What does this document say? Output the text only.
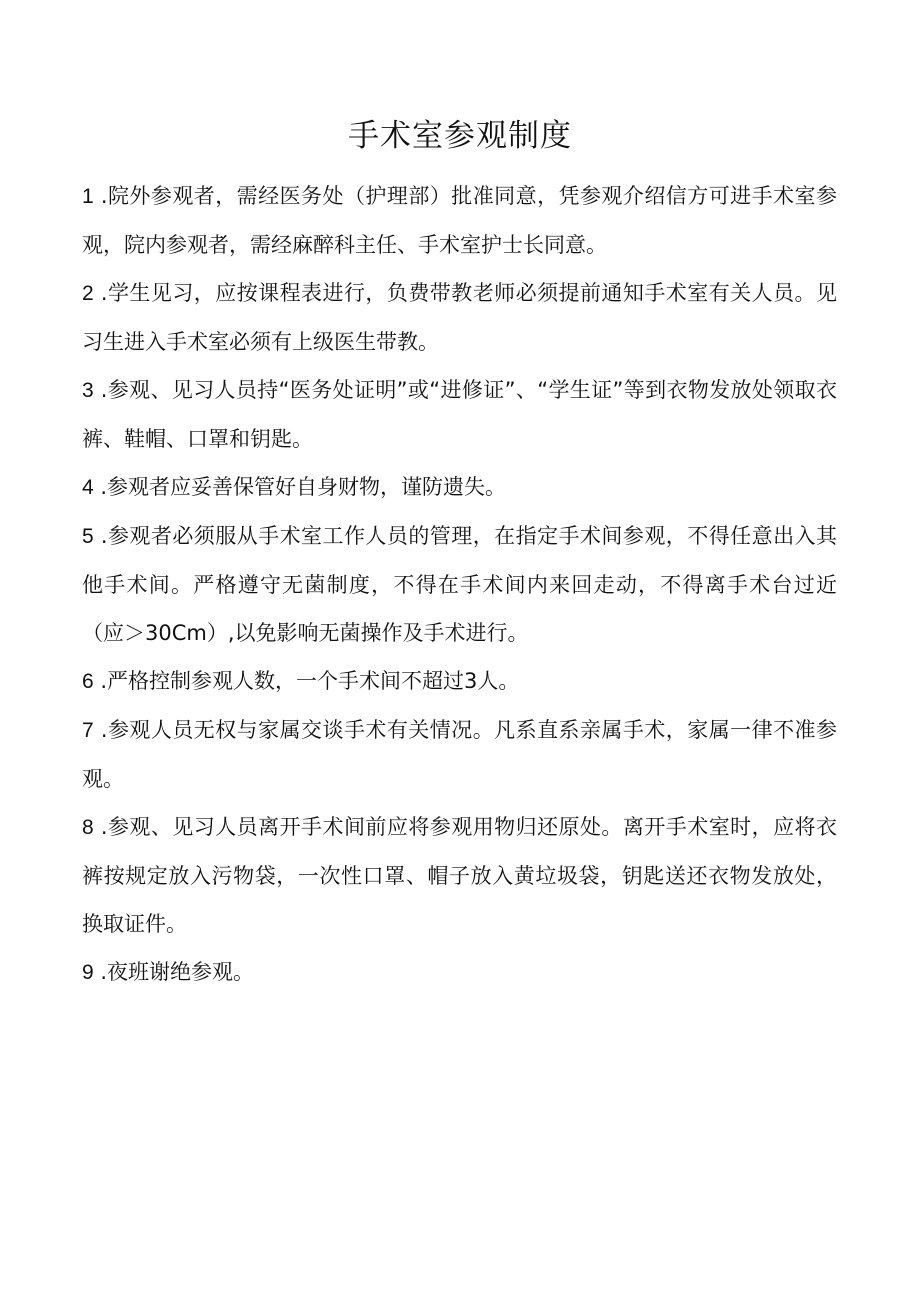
手术室参观制度

1 .院外参观者，需经医务处（护理部）批准同意，凭参观介绍信方可进手术室参观，院内参观者，需经麻醉科主任、手术室护士长同意。

2 .学生见习，应按课程表进行，负费带教老师必须提前通知手术室有关人员。见习生进入手术室必须有上级医生带教。

3 .参观、见习人员持“医务处证明”或“进修证”、“学生证”等到衣物发放处领取衣裤、鞋帽、口罩和钥匙。

4 .参观者应妥善保管好自身财物，谨防遗失。

5 .参观者必须服从手术室工作人员的管理，在指定手术间参观，不得任意出入其他手术间。严格遵守无菌制度，不得在手术间内来回走动，不得离手术台过近（应＞30Cm）,以免影响无菌操作及手术进行。

6 .严格控制参观人数，一个手术间不超过3人。

7 .参观人员无权与家属交谈手术有关情况。凡系直系亲属手术，家属一律不准参观。

8 .参观、见习人员离开手术间前应将参观用物归还原处。离开手术室时，应将衣裤按规定放入污物袋，一次性口罩、帽子放入黄垃圾袋，钥匙送还衣物发放处，换取证件。

9 .夜班谢绝参观。
